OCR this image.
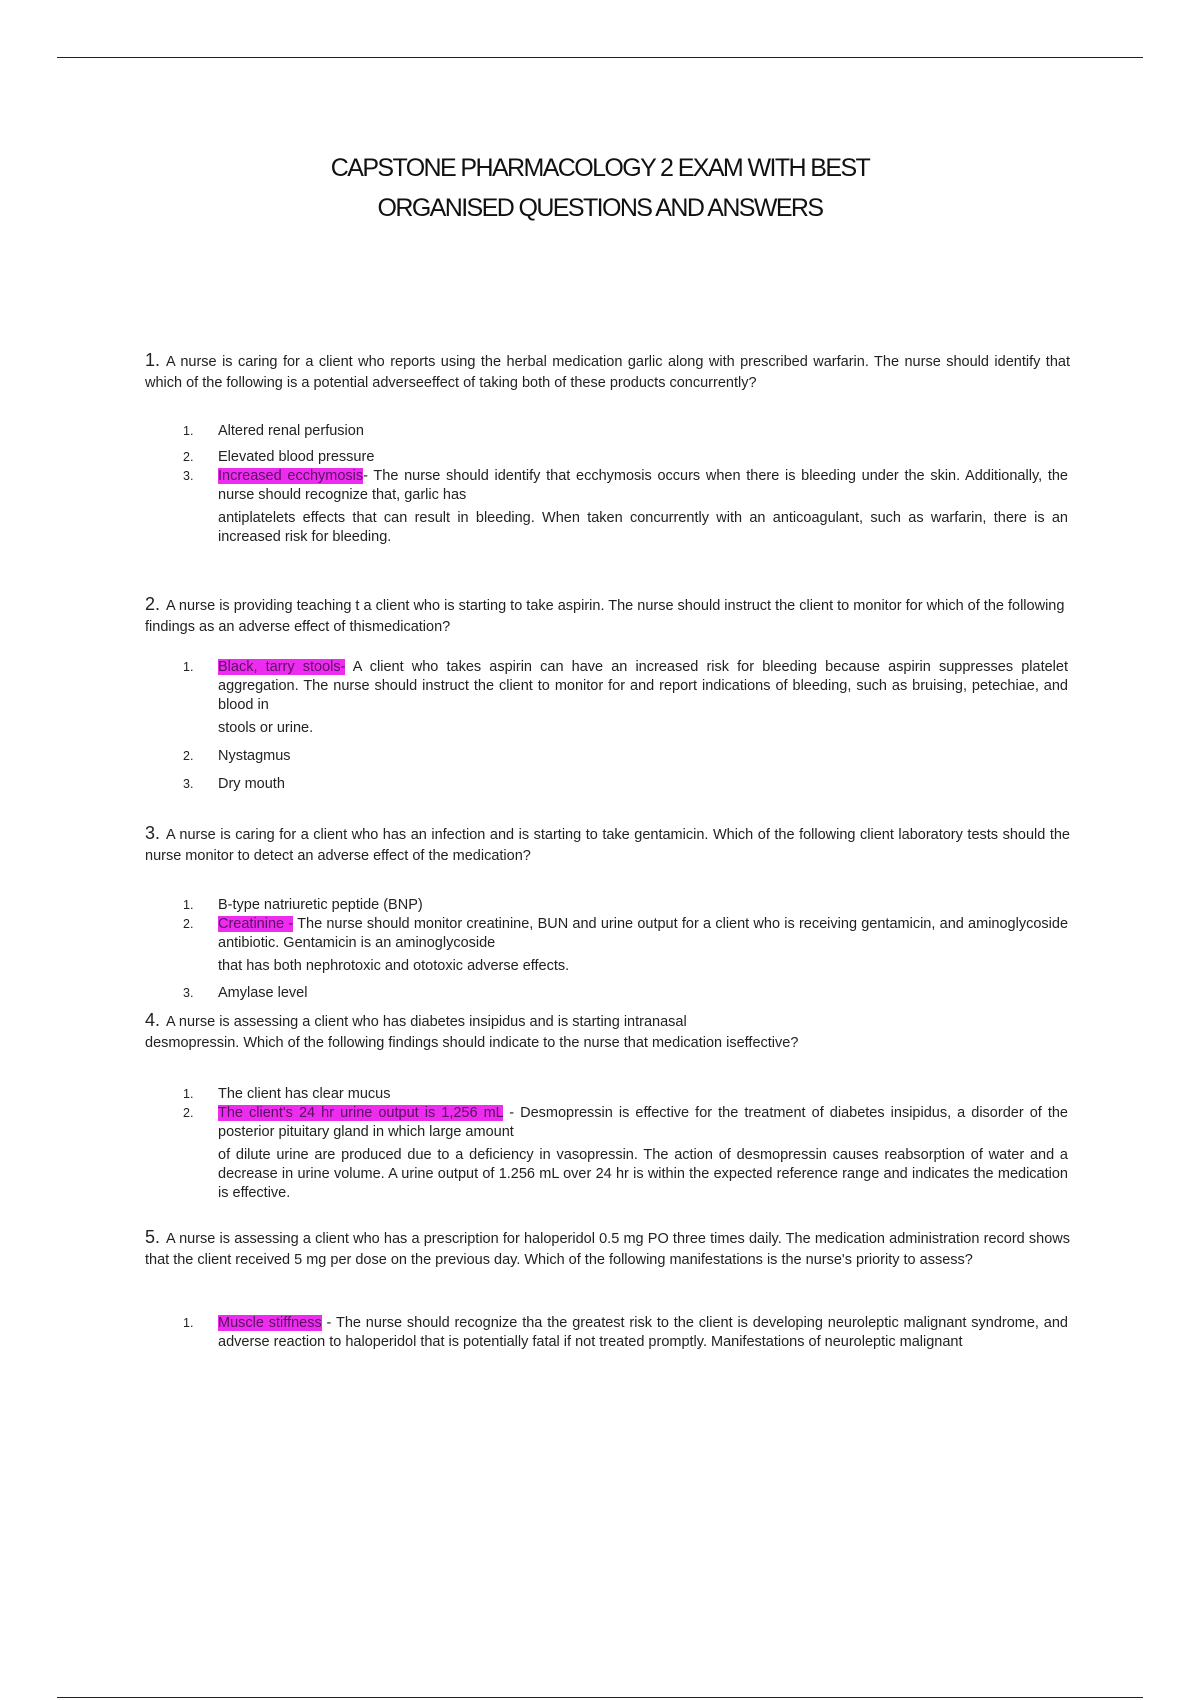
CAPSTONE PHARMACOLOGY 2 EXAM WITH BEST
ORGANISED QUESTIONS AND ANSWERS
1. A nurse is caring for a client who reports using the herbal medication garlic along with prescribed warfarin. The nurse should identify that which of the following is a potential adverseeffect of taking both of these products concurrently?
1. Altered renal perfusion
2. Elevated blood pressure
3. Increased ecchymosis- The nurse should identify that ecchymosis occurs when there is bleeding under the skin. Additionally, the nurse should recognize that, garlic has
antiplatelets effects that can result in bleeding. When taken concurrently with an anticoagulant, such as warfarin, there is an increased risk for bleeding.
2. A nurse is providing teaching t a client who is starting to take aspirin. The nurse should instruct the client to monitor for which of the following findings as an adverse effect of thismedication?
1. Black, tarry stools- A client who takes aspirin can have an increased risk for bleeding because aspirin suppresses platelet aggregation. The nurse should instruct the client to monitor for and report indications of bleeding, such as bruising, petechiae, and blood in
stools or urine.
2. Nystagmus
3. Dry mouth
3. A nurse is caring for a client who has an infection and is starting to take gentamicin. Which of the following client laboratory tests should the nurse monitor to detect an adverse effect of the medication?
1. B-type natriuretic peptide (BNP)
2. Creatinine - The nurse should monitor creatinine, BUN and urine output for a client who is receiving gentamicin, and aminoglycoside antibiotic. Gentamicin is an aminoglycoside
that has both nephrotoxic and ototoxic adverse effects.
3. Amylase level
4. A nurse is assessing a client who has diabetes insipidus and is starting intranasal
desmopressin. Which of the following findings should indicate to the nurse that medication iseffective?
1. The client has clear mucus
2. The client's 24 hr urine output is 1,256 mL - Desmopressin is effective for the treatment of diabetes insipidus, a disorder of the posterior pituitary gland in which large amount
of dilute urine are produced due to a deficiency in vasopressin. The action of desmopressin causes reabsorption of water and a decrease in urine volume. A urine output of 1.256 mL over 24 hr is within the expected reference range and indicates the medication is effective.
5. A nurse is assessing a client who has a prescription for haloperidol 0.5 mg PO three times daily. The medication administration record shows that the client received 5 mg per dose on the previous day. Which of the following manifestations is the nurse's priority to assess?
1. Muscle stiffness - The nurse should recognize tha the greatest risk to the client is developing neuroleptic malignant syndrome, and adverse reaction to haloperidol that is potentially fatal if not treated promptly. Manifestations of neuroleptic malignant
